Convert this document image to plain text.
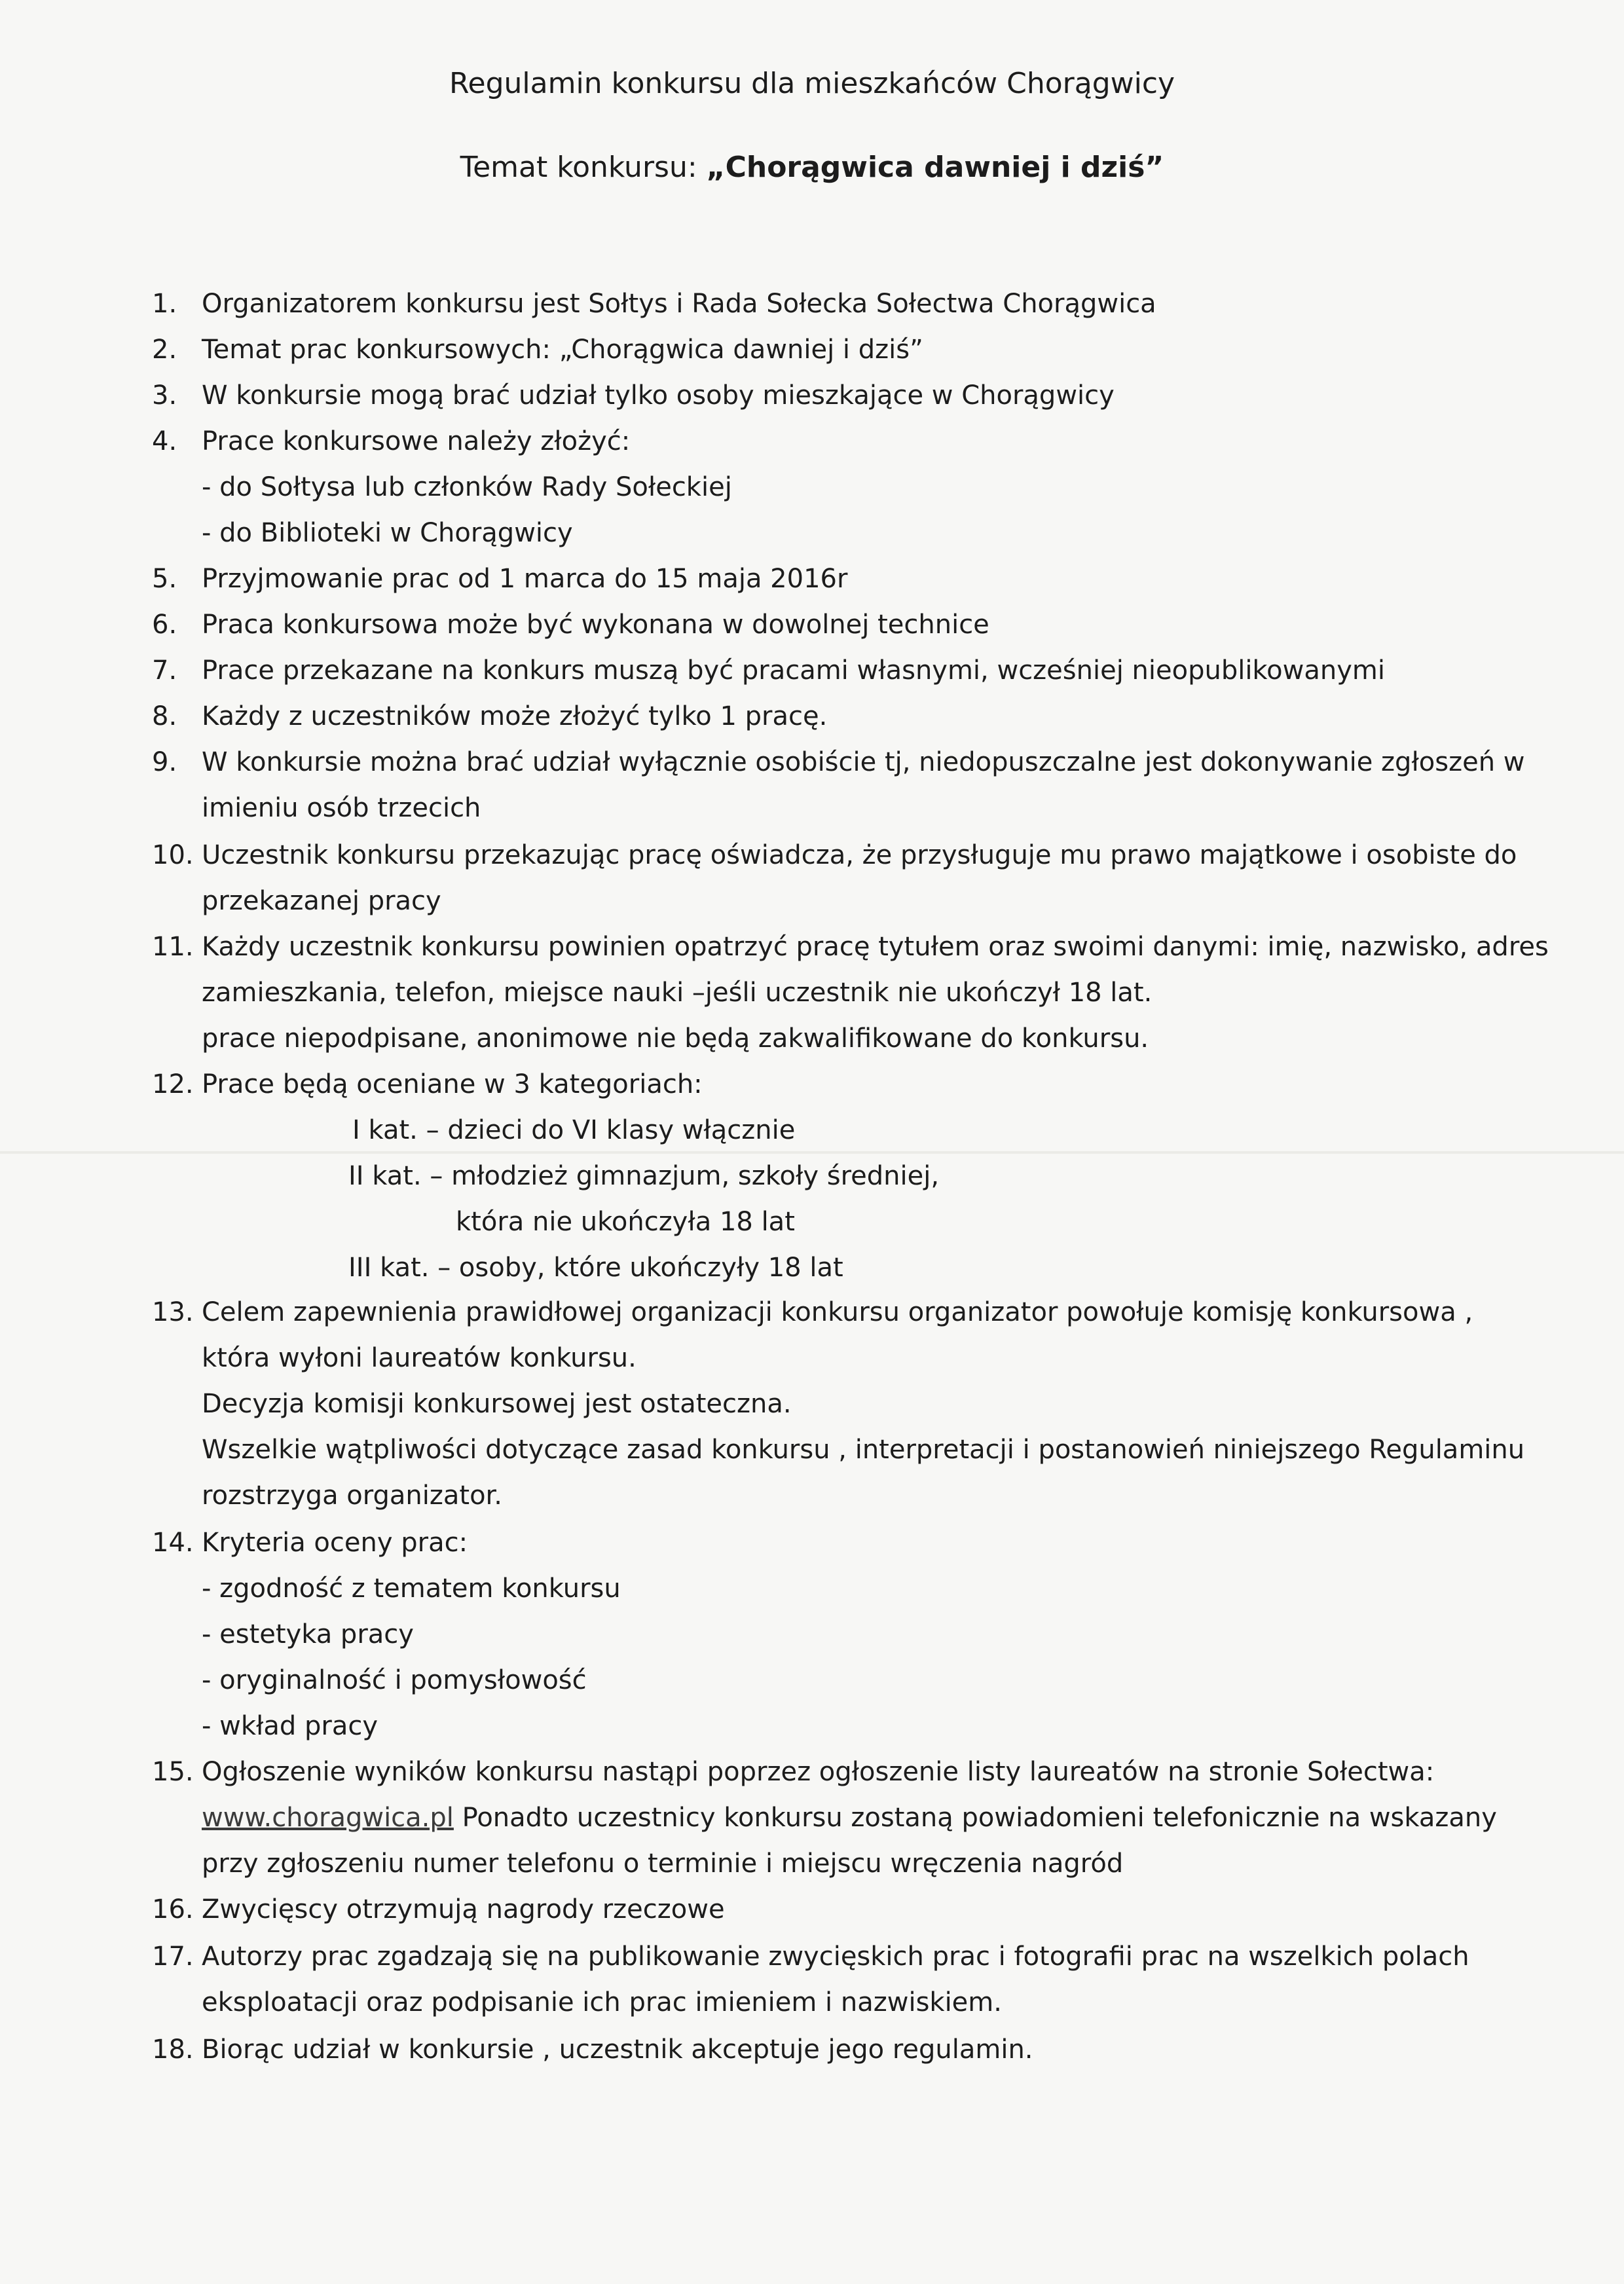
Regulamin konkursu dla mieszkańców Chorągwicy
Temat konkursu: „Chorągwica dawniej i dziś”
1. Organizatorem konkursu jest Sołtys i Rada Sołecka Sołectwa Chorągwica
2. Temat prac konkursowych: „Chorągwica dawniej i dziś”
3. W konkursie mogą brać udział tylko osoby mieszkające w Chorągwicy
4. Prace konkursowe należy złożyć:
- do Sołtysa lub członków Rady Sołeckiej
- do Biblioteki w Chorągwicy
5. Przyjmowanie prac od 1 marca do 15 maja 2016r
6. Praca konkursowa może być wykonana w dowolnej technice
7. Prace przekazane na konkurs muszą być pracami własnymi, wcześniej nieopublikowanymi
8. Każdy z uczestników może złożyć tylko 1 pracę.
9. W konkursie można brać udział wyłącznie osobiście tj, niedopuszczalne jest dokonywanie zgłoszeń w
imieniu osób trzecich
10. Uczestnik konkursu przekazując pracę oświadcza, że przysługuje mu prawo majątkowe i osobiste do
przekazanej pracy
11. Każdy uczestnik konkursu powinien opatrzyć pracę tytułem oraz swoimi danymi: imię, nazwisko, adres
zamieszkania, telefon, miejsce nauki –jeśli uczestnik nie ukończył 18 lat.
prace niepodpisane, anonimowe nie będą zakwalifikowane do konkursu.
12. Prace będą oceniane w 3 kategoriach:
13. Celem zapewnienia prawidłowej organizacji konkursu organizator powołuje komisję konkursowa ,
która wyłoni laureatów konkursu.
Decyzja komisji konkursowej jest ostateczna.
Wszelkie wątpliwości dotyczące zasad konkursu , interpretacji i postanowień niniejszego Regulaminu
rozstrzyga organizator.
14. Kryteria oceny prac:
- zgodność z tematem konkursu
- estetyka pracy
- oryginalność i pomysłowość
- wkład pracy
15. Ogłoszenie wyników konkursu nastąpi poprzez ogłoszenie listy laureatów na stronie Sołectwa:
przy zgłoszeniu numer telefonu o terminie i miejscu wręczenia nagród
16. Zwycięscy otrzymują nagrody rzeczowe
17. Autorzy prac zgadzają się na publikowanie zwycięskich prac i fotografii prac na wszelkich polach
eksploatacji oraz podpisanie ich prac imieniem i nazwiskiem.
18. Biorąc udział w konkursie , uczestnik akceptuje jego regulamin.
www.choragwica.pl Ponadto uczestnicy konkursu zostaną powiadomieni telefonicznie na wskazany
I kat. – dzieci do VI klasy włącznie
II kat. – młodzież gimnazjum, szkoły średniej,
która nie ukończyła 18 lat
III kat. – osoby, które ukończyły 18 lat
